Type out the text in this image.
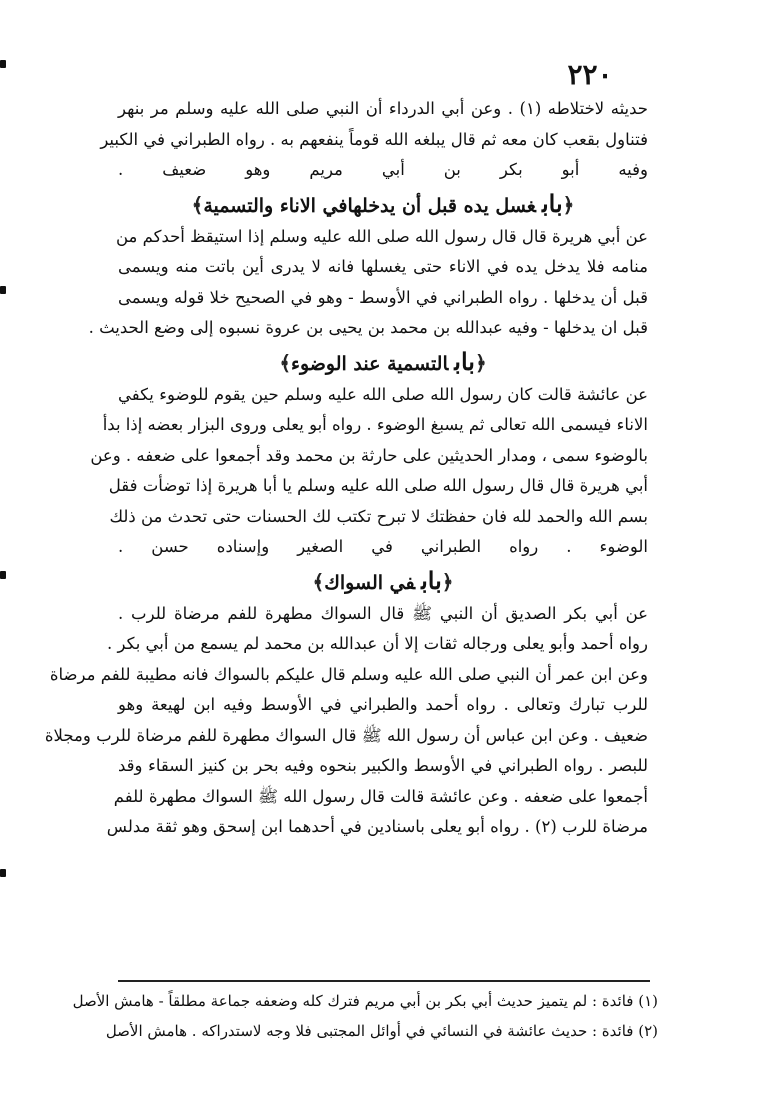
٢٢٠
حديثه لاختلاطه (١) . وعن أبي الدرداء أن النبي صلى الله عليه وسلم مر بنهر
فتناول بقعب كان معه ثم قال يبلغه الله قوماً ينفعهم به . رواه الطبراني في الكبير
وفيه أبو بكر بن أبي مريم وهو ضعيف .
﴿بابغسل يده قبل أن يدخلهافي الاناء والتسمية﴾
عن أبي هريرة قال قال رسول الله صلى الله عليه وسلم إذا استيقظ أحدكم من
منامه فلا يدخل يده في الاناء حتى يغسلها فانه لا يدرى أين باتت منه ويسمى
قبل أن يدخلها . رواه الطبراني في الأوسط - وهو في الصحيح خلا قوله ويسمى
قبل ان يدخلها - وفيه عبدالله بن محمد بن يحيى بن عروة نسبوه إلى وضع الحديث .
﴿بابالتسمية عند الوضوء﴾
عن عائشة قالت كان رسول الله صلى الله عليه وسلم حين يقوم للوضوء يكفي
الاناء فيسمى الله تعالى ثم يسبغ الوضوء . رواه أبو يعلى وروى البزار بعضه إذا بدأ
بالوضوء سمى ، ومدار الحديثين على حارثة بن محمد وقد أجمعوا على ضعفه . وعن
أبي هريرة قال قال رسول الله صلى الله عليه وسلم يا أبا هريرة إذا توضأت فقل
بسم الله والحمد لله فان حفظتك لا تبرح تكتب لك الحسنات حتى تحدث من ذلك
الوضوء . رواه الطبراني في الصغير وإسناده حسن .
﴿بابفي السواك﴾
عن أبي بكر الصديق أن النبي ﷺ قال السواك مطهرة للفم مرضاة للرب .
رواه أحمد وأبو يعلى ورجاله ثقات إلا أن عبدالله بن محمد لم يسمع من أبي بكر .
وعن ابن عمر أن النبي صلى الله عليه وسلم قال عليكم بالسواك فانه مطيبة للفم مرضاة
للرب تبارك وتعالى . رواه أحمد والطبراني في الأوسط وفيه ابن لهيعة وهو
ضعيف . وعن ابن عباس أن رسول الله ﷺ قال السواك مطهرة للفم مرضاة للرب ومجلاة
للبصر . رواه الطبراني في الأوسط والكبير بنحوه وفيه بحر بن كنيز السقاء وقد
أجمعوا على ضعفه . وعن عائشة قالت قال رسول الله ﷺ السواك مطهرة للفم
مرضاة للرب (٢) . رواه أبو يعلى باسنادين في أحدهما ابن إسحق وهو ثقة مدلس
(١) فائدة : لم يتميز حديث أبي بكر بن أبي مريم فترك كله وضعفه جماعة مطلقاً - هامش الأصل
(٢) فائدة : حديث عائشة في النسائي في أوائل المجتبى فلا وجه لاستدراكه . هامش الأصل
